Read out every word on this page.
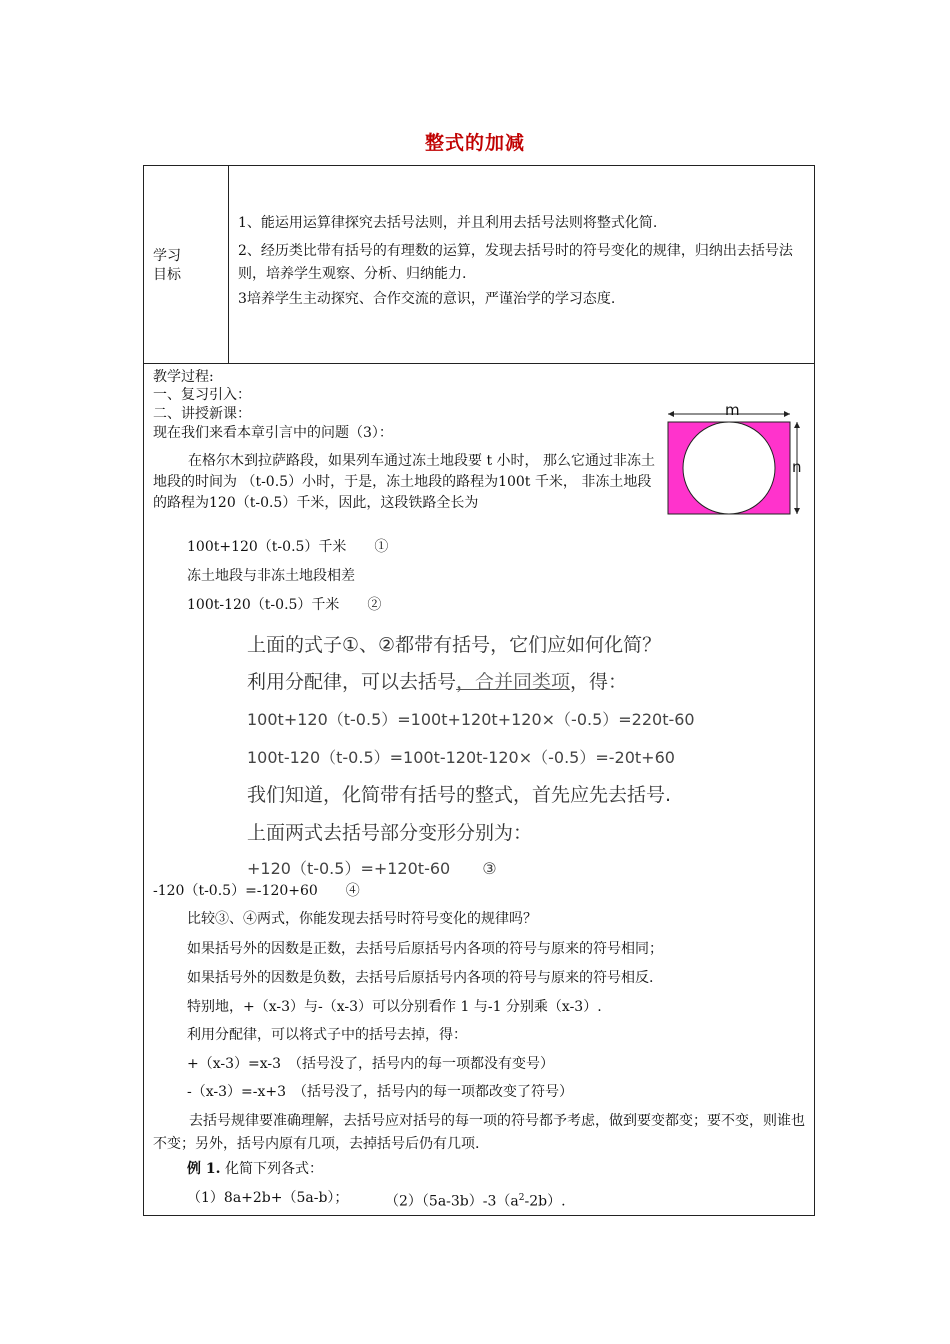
整式的加减
学习
目标
1、能运用运算律探究去括号法则，并且利用去括号法则将整式化简.
2、经历类比带有括号的有理数的运算，发现去括号时的符号变化的规律，归纳出去括号法则，培养学生观察、分析、归纳能力.
3培养学生主动探究、合作交流的意识，严谨治学的学习态度.
教学过程:
一、复习引入：
二、讲授新课：
现在我们来看本章引言中的问题（3）：
在格尔木到拉萨路段，如果列车通过冻土地段要 t 小时， 那么它通过非冻土地段的时间为 （t-0.5）小时，于是，冻土地段的路程为100t 千米， 非冻土地段的路程为120（t-0.5）千米，因此，这段铁路全长为
m
n
100t+120（t-0.5）千米　　①
冻土地段与非冻土地段相差
100t-120（t-0.5）千米　　②
上面的式子①、②都带有括号，它们应如何化简？
利用分配律，可以去括号，合并同类项，得：
100t+120（t-0.5）=100t+120t+120×（-0.5）=220t-60
100t-120（t-0.5）=100t-120t-120×（-0.5）=-20t+60
我们知道，化简带有括号的整式，首先应先去括号.
上面两式去括号部分变形分别为：
+120（t-0.5）=+120t-60　　③
-120（t-0.5）=-120+60　　④
比较③、④两式，你能发现去括号时符号变化的规律吗？
如果括号外的因数是正数，去括号后原括号内各项的符号与原来的符号相同；
如果括号外的因数是负数，去括号后原括号内各项的符号与原来的符号相反.
特别地，+（x-3）与-（x-3）可以分别看作 1 与-1 分别乘（x-3）.
利用分配律，可以将式子中的括号去掉，得：
+（x-3）=x-3　（括号没了，括号内的每一项都没有变号）
-（x-3）=-x+3　（括号没了，括号内的每一项都改变了符号）
去括号规律要准确理解，去括号应对括号的每一项的符号都予考虑，做到要变都变；要不变，则谁也不变；另外，括号内原有几项，去掉括号后仍有几项.
例 1. 化简下列各式：
（1）8a+2b+（5a-b）；	$(2)(5a-3b)-3(a^2-2b)$.
